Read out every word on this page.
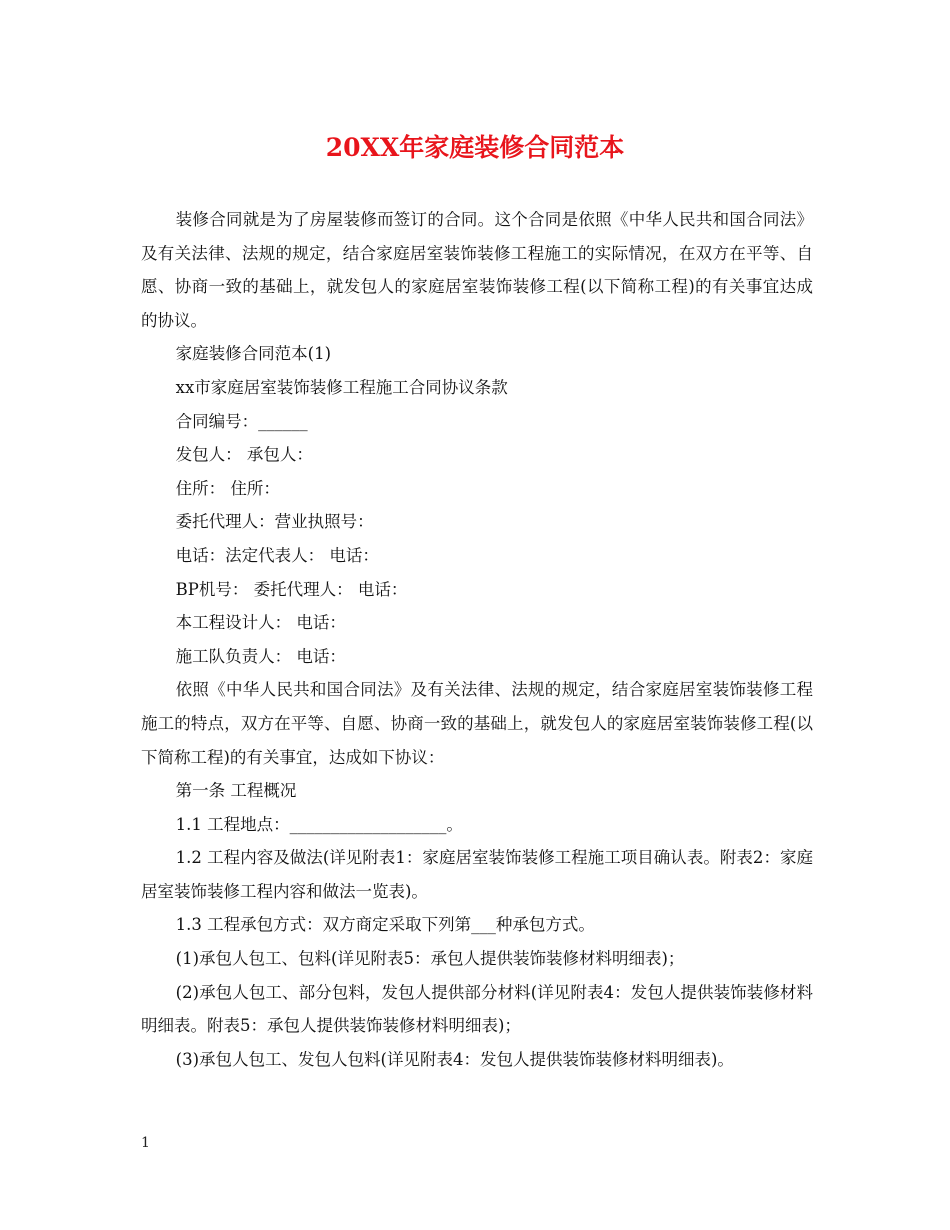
20XX年家庭装修合同范本

装修合同就是为了房屋装修而签订的合同。这个合同是依照《中华人民共和国合同法》及有关法律、法规的规定，结合家庭居室装饰装修工程施工的实际情况，在双方在平等、自愿、协商一致的基础上，就发包人的家庭居室装饰装修工程(以下简称工程)的有关事宜达成的协议。

家庭装修合同范本(1)

xx市家庭居室装饰装修工程施工合同协议条款

合同编号：______

发包人： 承包人：

住所： 住所：

委托代理人：营业执照号：

电话：法定代表人： 电话：

BP机号： 委托代理人： 电话：

本工程设计人： 电话：

施工队负责人： 电话：

依照《中华人民共和国合同法》及有关法律、法规的规定，结合家庭居室装饰装修工程施工的特点，双方在平等、自愿、协商一致的基础上，就发包人的家庭居室装饰装修工程(以下简称工程)的有关事宜，达成如下协议：

第一条 工程概况

1.1 工程地点：___________________。

1.2 工程内容及做法(详见附表1：家庭居室装饰装修工程施工项目确认表。附表2：家庭居室装饰装修工程内容和做法一览表)。

1.3 工程承包方式：双方商定采取下列第___种承包方式。

(1)承包人包工、包料(详见附表5：承包人提供装饰装修材料明细表)；

(2)承包人包工、部分包料，发包人提供部分材料(详见附表4：发包人提供装饰装修材料明细表。附表5：承包人提供装饰装修材料明细表)；

(3)承包人包工、发包人包料(详见附表4：发包人提供装饰装修材料明细表)。

1
